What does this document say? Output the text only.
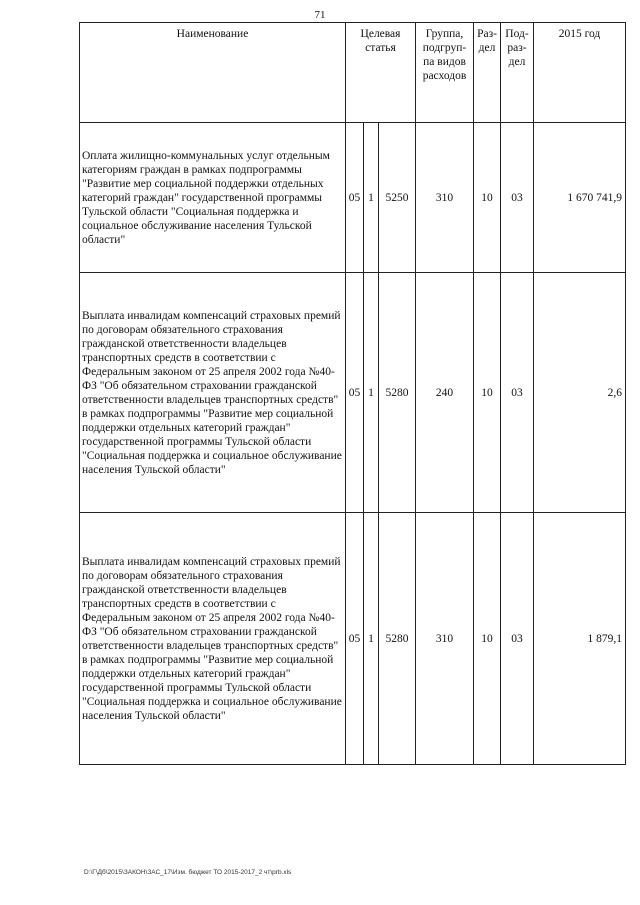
71
Наименование	Целевая статья			Группа, подгруп- па видов расходов	Раз- дел	Под- раз- дел	2015 год
Оплата жилищно-коммунальных услуг отдельным категориям граждан в рамках подпрограммы "Развитие мер социальной поддержки отдельных категорий граждан" государственной программы Тульской области "Социальная поддержка и социальное обслуживание населения Тульской области"	05	1	5250	310	10	03	1 670 741,9
Выплата инвалидам компенсаций страховых премий по договорам обязательного страхования гражданской ответственности владельцев транспортных средств в соответствии с Федеральным законом от 25 апреля 2002 года №40-ФЗ "Об обязательном страховании гражданской ответственности владельцев транспортных средств" в рамках подпрограммы "Развитие мер социальной поддержки отдельных категорий граждан" государственной программы Тульской области "Социальная поддержка и социальное обслуживание населения Тульской области"	05	1	5280	240	10	03	2,6
Выплата инвалидам компенсаций страховых премий по договорам обязательного страхования гражданской ответственности владельцев транспортных средств в соответствии с Федеральным законом от 25 апреля 2002 года №40-ФЗ "Об обязательном страховании гражданской ответственности владельцев транспортных средств" в рамках подпрограммы "Развитие мер социальной поддержки отдельных категорий граждан" государственной программы Тульской области "Социальная поддержка и социальное обслуживание населения Тульской области"	05	1	5280	310	10	03	1 879,1
D:\Г\Дб\2015\ЗАКОН\ЗАС_17\Изм. бюджет ТО 2015-2017_2 чт\prb.xls
